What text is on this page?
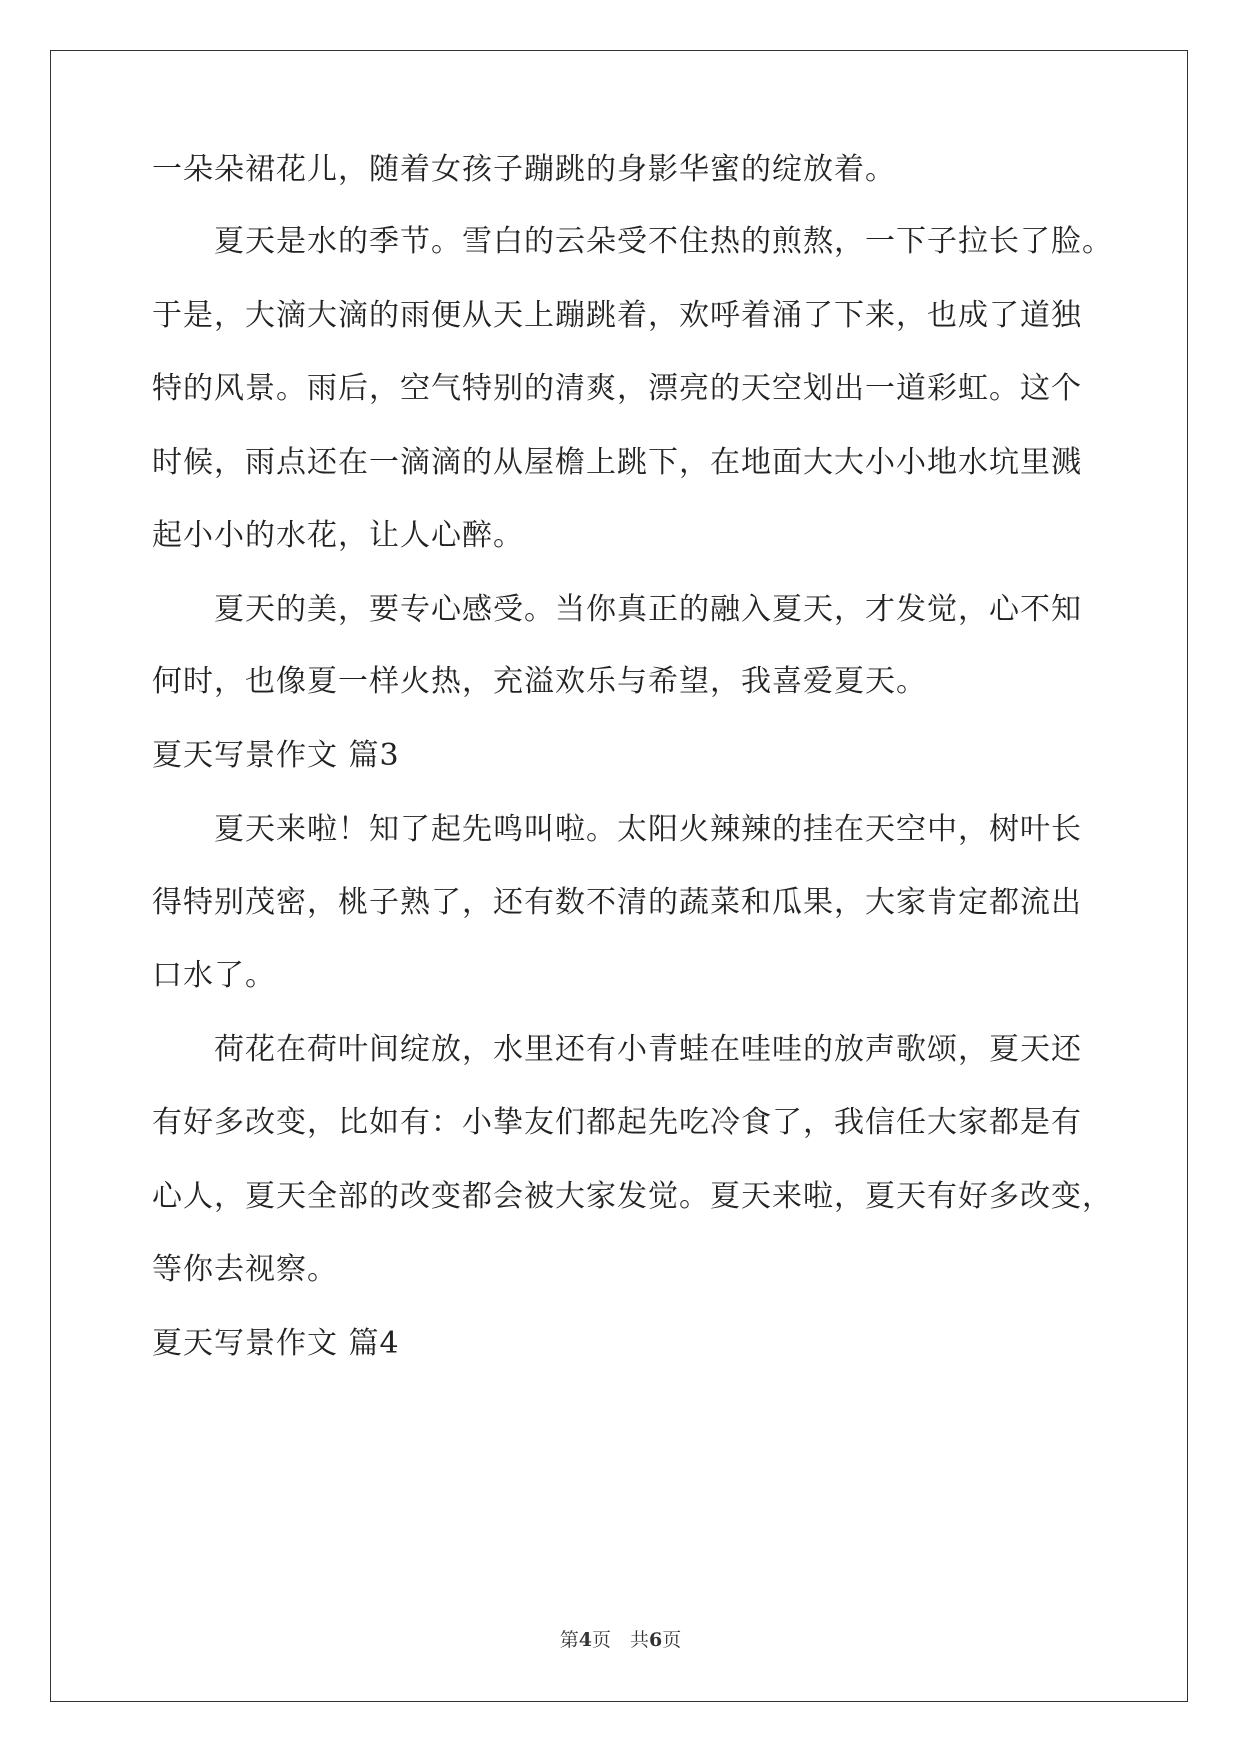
一朵朵裙花儿，随着女孩子蹦跳的身影华蜜的绽放着。
夏天是水的季节。雪白的云朵受不住热的煎熬，一下子拉长了脸。
于是，大滴大滴的雨便从天上蹦跳着，欢呼着涌了下来，也成了道独
特的风景。雨后，空气特别的清爽，漂亮的天空划出一道彩虹。这个
时候，雨点还在一滴滴的从屋檐上跳下，在地面大大小小地水坑里溅
起小小的水花，让人心醉。
夏天的美，要专心感受。当你真正的融入夏天，才发觉，心不知
何时，也像夏一样火热，充溢欢乐与希望，我喜爱夏天。
夏天写景作文 篇3
夏天来啦！知了起先鸣叫啦。太阳火辣辣的挂在天空中，树叶长
得特别茂密，桃子熟了，还有数不清的蔬菜和瓜果，大家肯定都流出
口水了。
荷花在荷叶间绽放，水里还有小青蛙在哇哇的放声歌颂，夏天还
有好多改变，比如有：小挚友们都起先吃冷食了，我信任大家都是有
心人，夏天全部的改变都会被大家发觉。夏天来啦，夏天有好多改变，
等你去视察。
夏天写景作文 篇4
第4页　共6页
